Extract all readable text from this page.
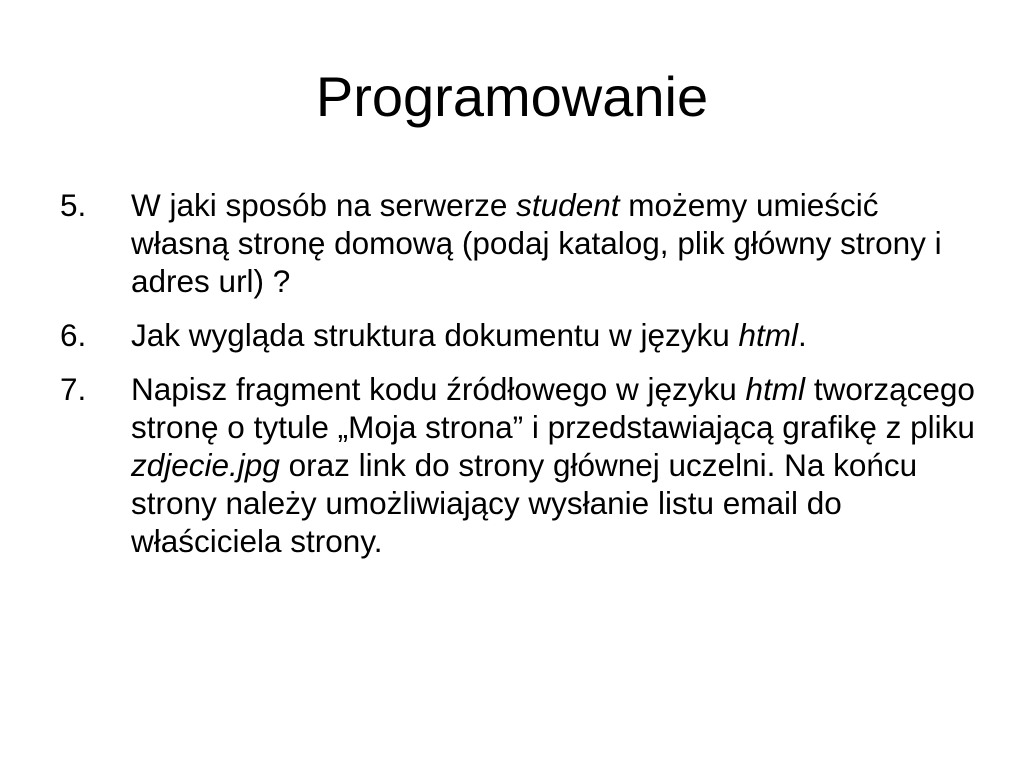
Programowanie
5.	W jaki sposób na serwerze student możemy umieścić własną stronę domową (podaj katalog, plik główny strony i adres url) ?
6.	Jak wygląda struktura dokumentu w języku html.
7.	Napisz fragment kodu źródłowego w języku html tworzącego stronę o tytule „Moja strona” i przedstawiającą grafikę z pliku zdjecie.jpg oraz link do strony głównej uczelni. Na końcu strony należy umożliwiający wysłanie listu email do właściciela strony.
